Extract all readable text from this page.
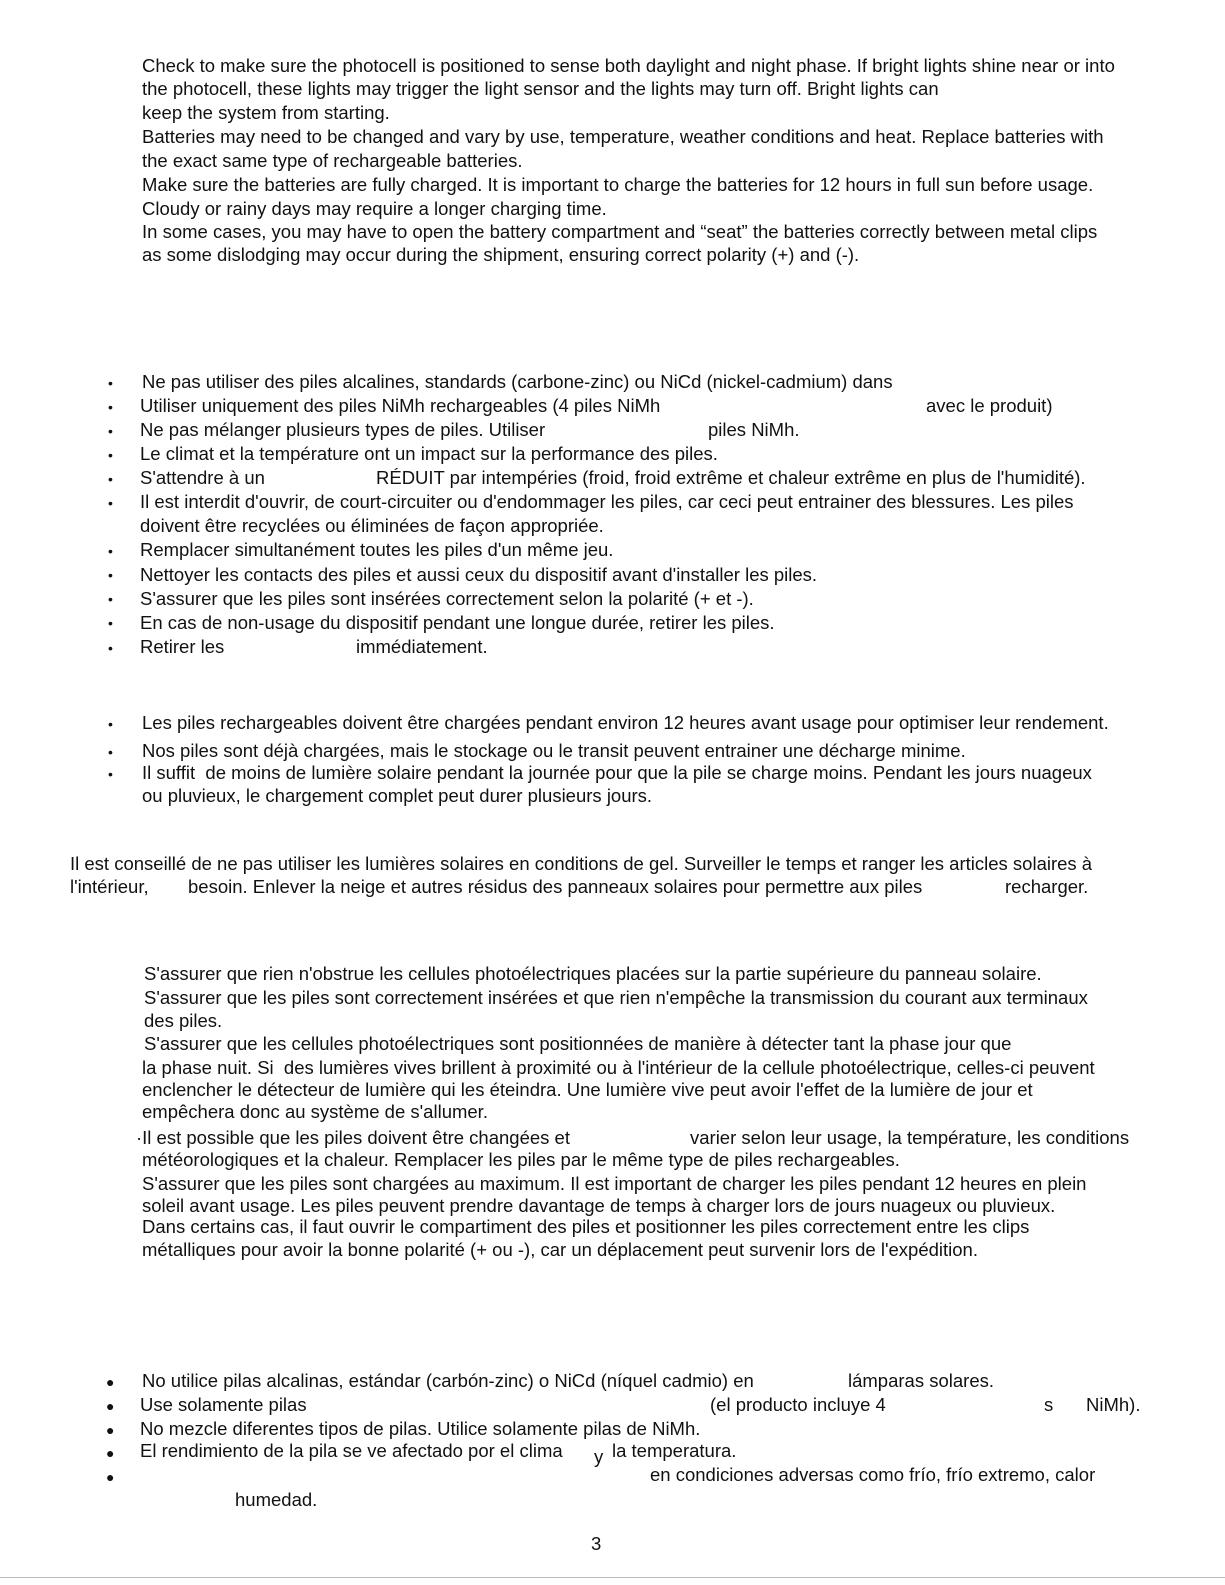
Check to make sure the photocell is positioned to sense both daylight and night phase. If bright lights shine near or into
the photocell, these lights may trigger the light sensor and the lights may turn off. Bright lights can
keep the system from starting.
Batteries may need to be changed and vary by use, temperature, weather conditions and heat. Replace batteries with
the exact same type of rechargeable batteries.
Make sure the batteries are fully charged. It is important to charge the batteries for 12 hours in full sun before usage.
Cloudy or rainy days may require a longer charging time.
In some cases, you may have to open the battery compartment and “seat” the batteries correctly between metal clips
as some dislodging may occur during the shipment, ensuring correct polarity (+) and (-).
• Ne pas utiliser des piles alcalines, standards (carbone-zinc) ou NiCd (nickel-cadmium) dans
• Utiliser uniquement des piles NiMh rechargeables (4 piles NiMh	avec le produit)
• Ne pas mélanger plusieurs types de piles. Utiliser	piles NiMh.
• Le climat et la température ont un impact sur la performance des piles.
• S'attendre à un	RÉDUIT par intempéries (froid, froid extrême et chaleur extrême en plus de l'humidité).
• Il est interdit d'ouvrir, de court-circuiter ou d'endommager les piles, car ceci peut entrainer des blessures. Les piles
doivent être recyclées ou éliminées de façon appropriée.
• Remplacer simultanément toutes les piles d'un même jeu.
• Nettoyer les contacts des piles et aussi ceux du dispositif avant d'installer les piles.
• S'assurer que les piles sont insérées correctement selon la polarité (+ et -).
• En cas de non-usage du dispositif pendant une longue durée, retirer les piles.
• Retirer les	immédiatement.
• Les piles rechargeables doivent être chargées pendant environ 12 heures avant usage pour optimiser leur rendement.
• Nos piles sont déjà chargées, mais le stockage ou le transit peuvent entrainer une décharge minime.
• Il suffit  de moins de lumière solaire pendant la journée pour que la pile se charge moins. Pendant les jours nuageux
ou pluvieux, le chargement complet peut durer plusieurs jours.
Il est conseillé de ne pas utiliser les lumières solaires en conditions de gel. Surveiller le temps et ranger les articles solaires à
l'intérieur, besoin. Enlever la neige et autres résidus des panneaux solaires pour permettre aux piles	recharger.
S'assurer que rien n'obstrue les cellules photoélectriques placées sur la partie supérieure du panneau solaire.
S'assurer que les piles sont correctement insérées et que rien n'empêche la transmission du courant aux terminaux
des piles.
S'assurer que les cellules photoélectriques sont positionnées de manière à détecter tant la phase jour que
la phase nuit. Si  des lumières vives brillent à proximité ou à l'intérieur de la cellule photoélectrique, celles-ci peuvent
enclencher le détecteur de lumière qui les éteindra. Une lumière vive peut avoir l'effet de la lumière de jour et
empêchera donc au système de s'allumer.
·Il est possible que les piles doivent être changées et	varier selon leur usage, la température, les conditions
météorologiques et la chaleur. Remplacer les piles par le même type de piles rechargeables.
S'assurer que les piles sont chargées au maximum. Il est important de charger les piles pendant 12 heures en plein
soleil avant usage. Les piles peuvent prendre davantage de temps à charger lors de jours nuageux ou pluvieux.
Dans certains cas, il faut ouvrir le compartiment des piles et positionner les piles correctement entre les clips
métalliques pour avoir la bonne polarité (+ ou -), car un déplacement peut survenir lors de l'expédition.
● No utilice pilas alcalinas, estándar (carbón-zinc) o NiCd (níquel cadmio) en	lámparas solares.
● Use solamente pilas	(el producto incluye 4	s NiMh).
● No mezcle diferentes tipos de pilas. Utilice solamente pilas de NiMh.
● El rendimiento de la pila se ve afectado por el clima y la temperatura.
●	en condiciones adversas como frío, frío extremo, calor
humedad.
3
